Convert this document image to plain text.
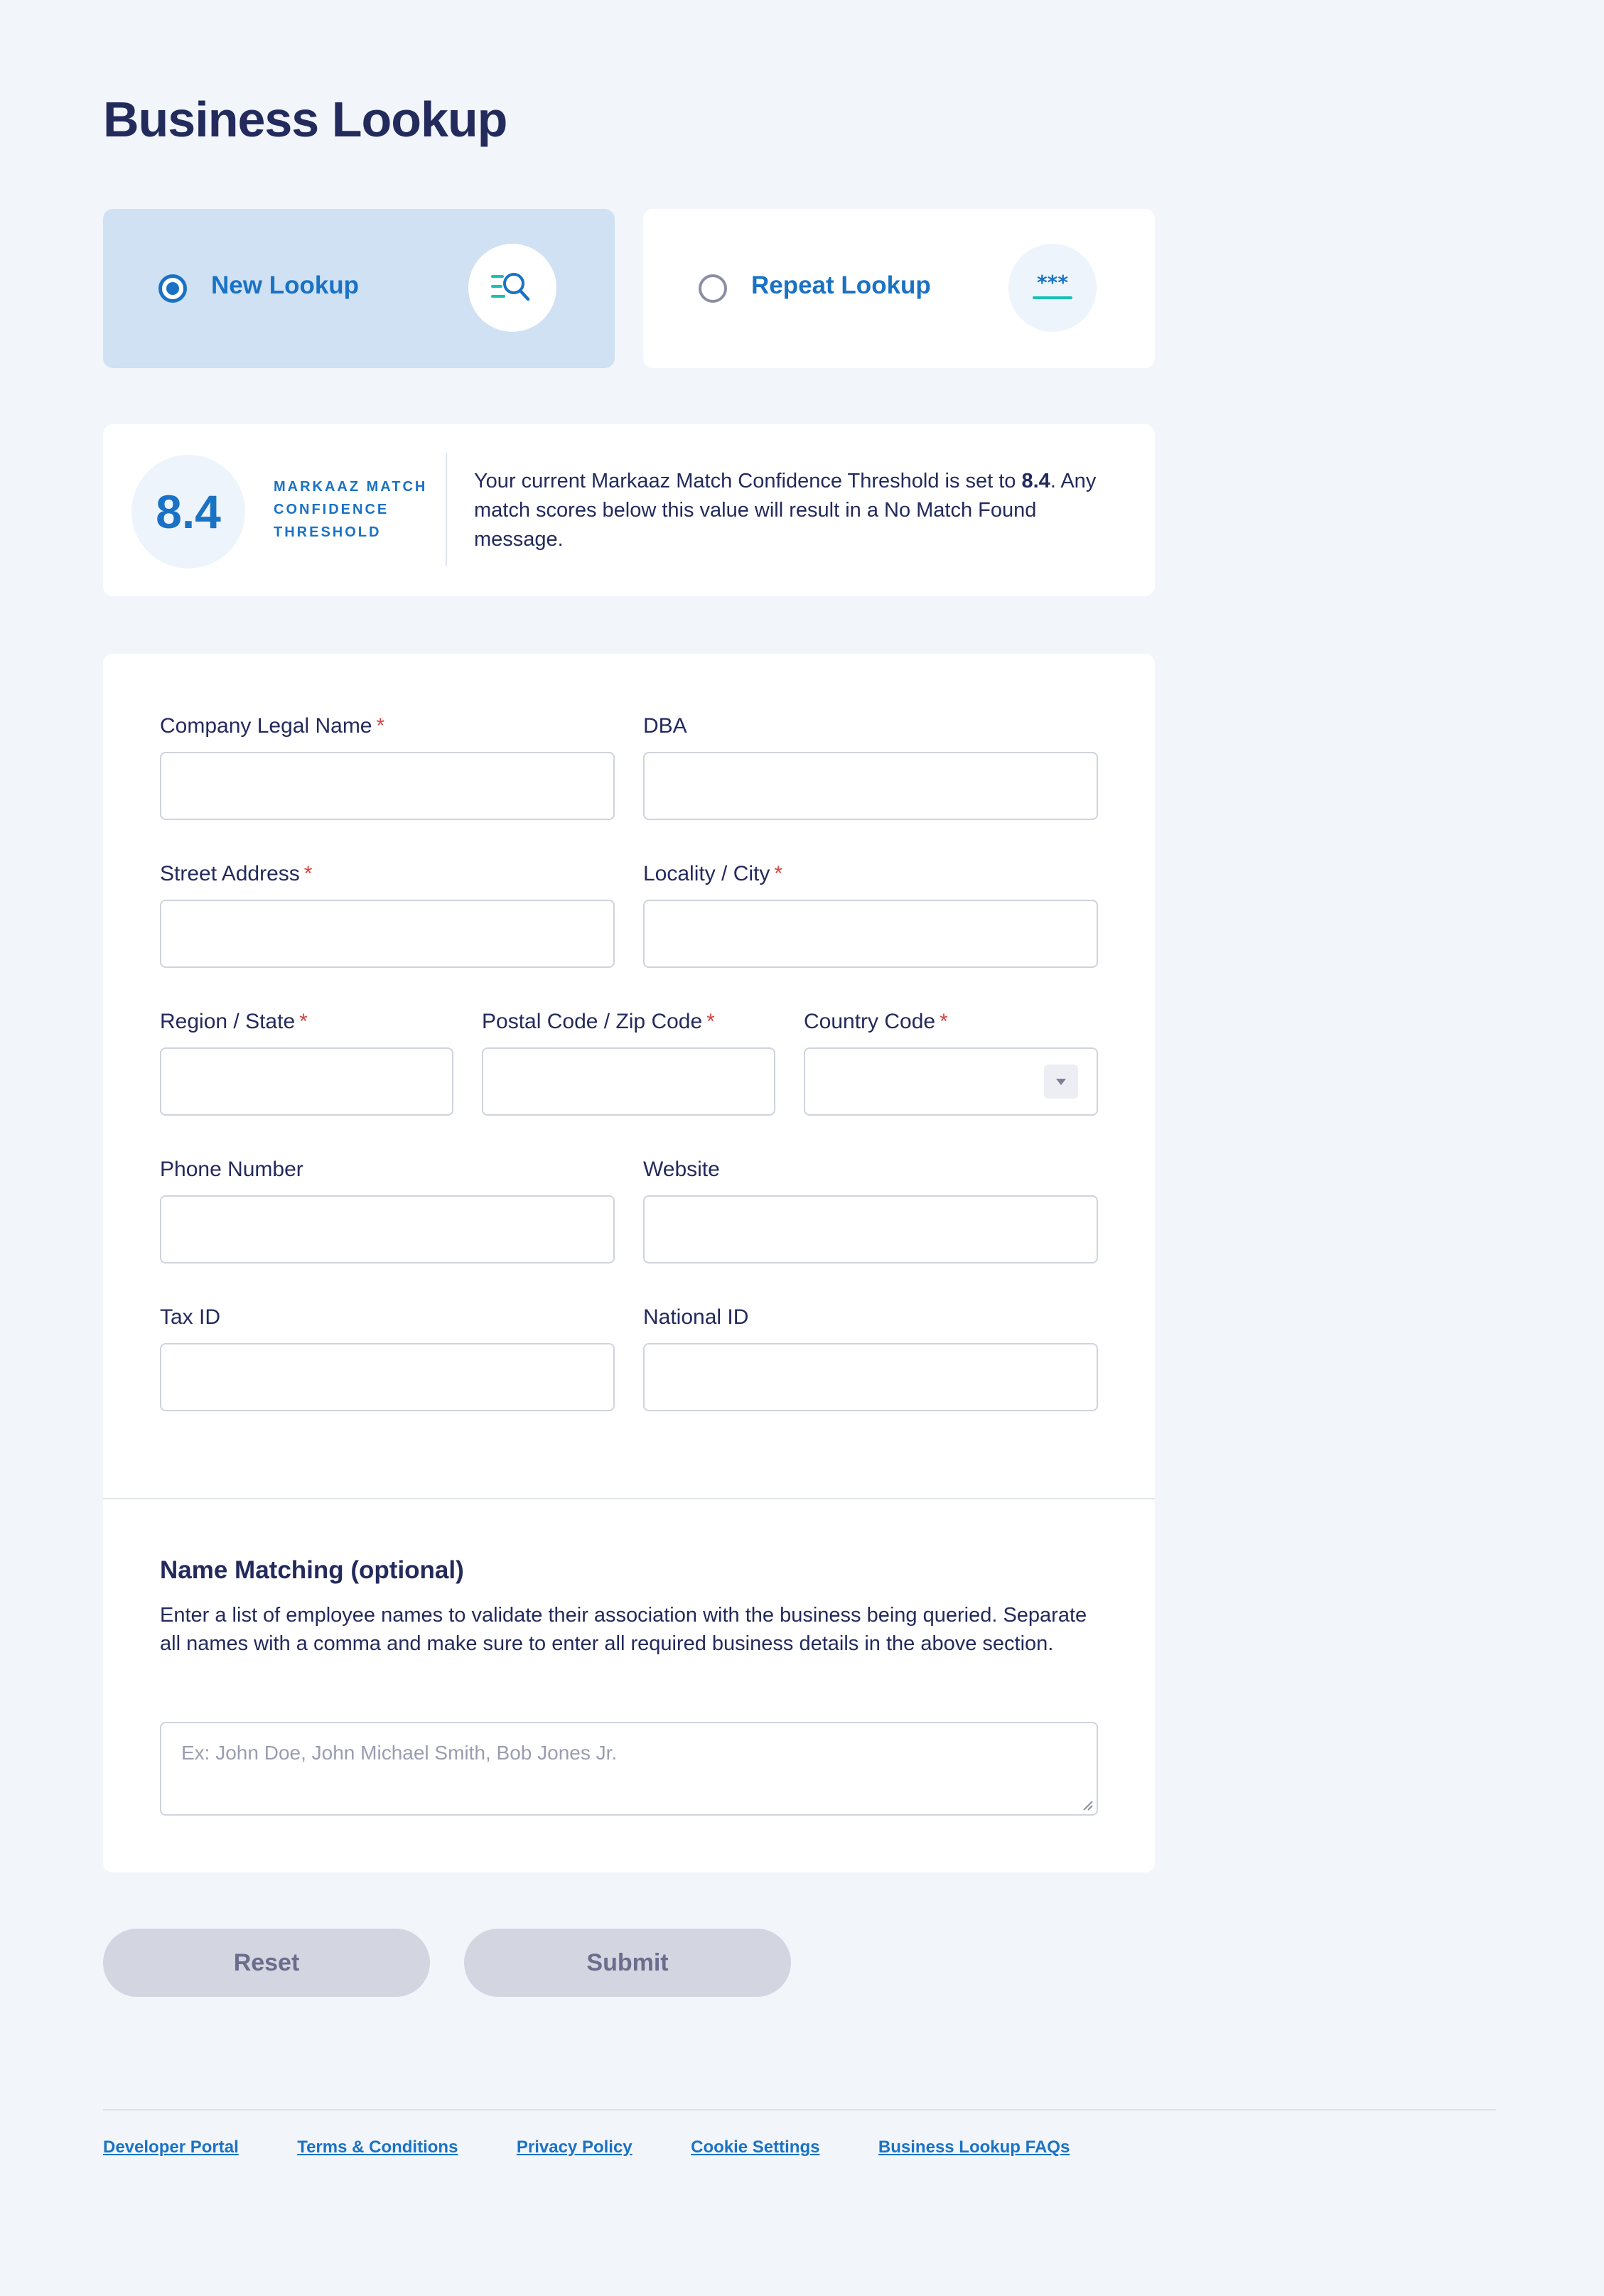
Business Lookup
New Lookup	Repeat Lookup	***
8.4	MARKAAZ MATCH CONFIDENCE THRESHOLD
Your current Markaaz Match Confidence Threshold is set to 8.4. Any match scores below this value will result in a No Match Found message.
Company Legal Name *	DBA
Street Address *	Locality / City *
Region / State *	Postal Code / Zip Code *	Country Code *
Phone Number	Website
Tax ID	National ID
Name Matching (optional)
Enter a list of employee names to validate their association with the business being queried. Separate all names with a comma and make sure to enter all required business details in the above section.
Ex: John Doe, John Michael Smith, Bob Jones Jr.
Reset	Submit
Developer Portal	Terms & Conditions	Privacy Policy	Cookie Settings	Business Lookup FAQs
